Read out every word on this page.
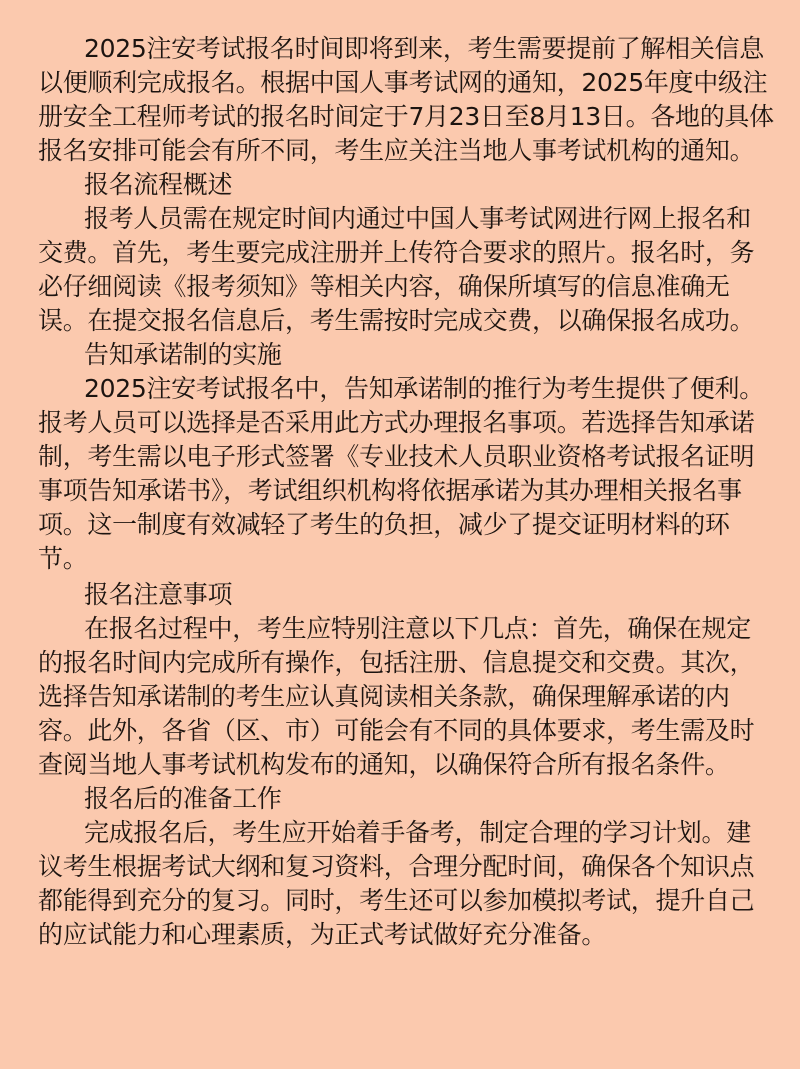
2025注安考试报名时间即将到来，考生需要提前了解相关信息
以便顺利完成报名。根据中国人事考试网的通知，2025年度中级注
册安全工程师考试的报名时间定于7月23日至8月13日。各地的具体
报名安排可能会有所不同，考生应关注当地人事考试机构的通知。
报名流程概述
报考人员需在规定时间内通过中国人事考试网进行网上报名和
交费。首先，考生要完成注册并上传符合要求的照片。报名时，务
必仔细阅读《报考须知》等相关内容，确保所填写的信息准确无
误。在提交报名信息后，考生需按时完成交费，以确保报名成功。
告知承诺制的实施
2025注安考试报名中，告知承诺制的推行为考生提供了便利。
报考人员可以选择是否采用此方式办理报名事项。若选择告知承诺
制，考生需以电子形式签署《专业技术人员职业资格考试报名证明
事项告知承诺书》，考试组织机构将依据承诺为其办理相关报名事
项。这一制度有效减轻了考生的负担，减少了提交证明材料的环
节。
报名注意事项
在报名过程中，考生应特别注意以下几点：首先，确保在规定
的报名时间内完成所有操作，包括注册、信息提交和交费。其次，
选择告知承诺制的考生应认真阅读相关条款，确保理解承诺的内
容。此外，各省（区、市）可能会有不同的具体要求，考生需及时
查阅当地人事考试机构发布的通知，以确保符合所有报名条件。
报名后的准备工作
完成报名后，考生应开始着手备考，制定合理的学习计划。建
议考生根据考试大纲和复习资料，合理分配时间，确保各个知识点
都能得到充分的复习。同时，考生还可以参加模拟考试，提升自己
的应试能力和心理素质，为正式考试做好充分准备。
